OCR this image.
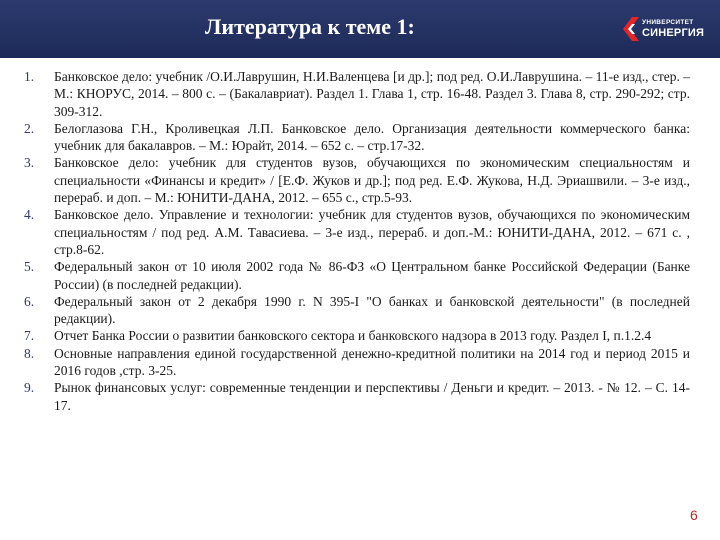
Литература к теме 1:	УНИВЕРСИТЕТ
СИНЕРГИЯ
1. Банковское дело: учебник /О.И.Лаврушин, Н.И.Валенцева [и др.]; под ред. О.И.Лаврушина. – 11-е изд., стер. – М.: КНОРУС, 2014. – 800 с. – (Бакалавриат). Раздел 1. Глава 1, стр. 16-48. Раздел 3. Глава 8, стр. 290-292; стр. 309-312.
2. Белоглазова Г.Н., Кроливецкая Л.П. Банковское дело. Организация деятельности коммерческого банка: учебник для бакалавров. – М.: Юрайт, 2014. – 652 с. – стр.17-32.
3. Банковское дело: учебник для студентов вузов, обучающихся по экономическим специальностям и специальности «Финансы и кредит» / [Е.Ф. Жуков и др.]; под ред. Е.Ф. Жукова, Н.Д. Эриашвили. – 3-е изд., перераб. и доп. – М.: ЮНИТИ-ДАНА, 2012. – 655 с., стр.5-93.
4. Банковское дело. Управление и технологии: учебник для студентов вузов, обучающихся по экономическим специальностям / под ред. А.М. Тавасиева. – 3-е изд., перераб. и доп.-М.: ЮНИТИ-ДАНА, 2012. – 671 с. , стр.8-62.
5. Федеральный закон от 10 июля 2002 года № 86-ФЗ «О Центральном банке Российской Федерации (Банке России) (в последней редакции).
6. Федеральный закон от 2 декабря 1990 г. N 395-I "О банках и банковской деятельности" (в последней редакции).
7. Отчет Банка России о развитии банковского сектора и банковского надзора в 2013 году. Раздел I, п.1.2.4
8. Основные направления единой государственной денежно-кредитной политики на 2014 год и период 2015 и 2016 годов ,стр. 3-25.
9. Рынок финансовых услуг: современные тенденции и перспективы / Деньги и кредит. – 2013. - № 12. – С. 14-17.
6
